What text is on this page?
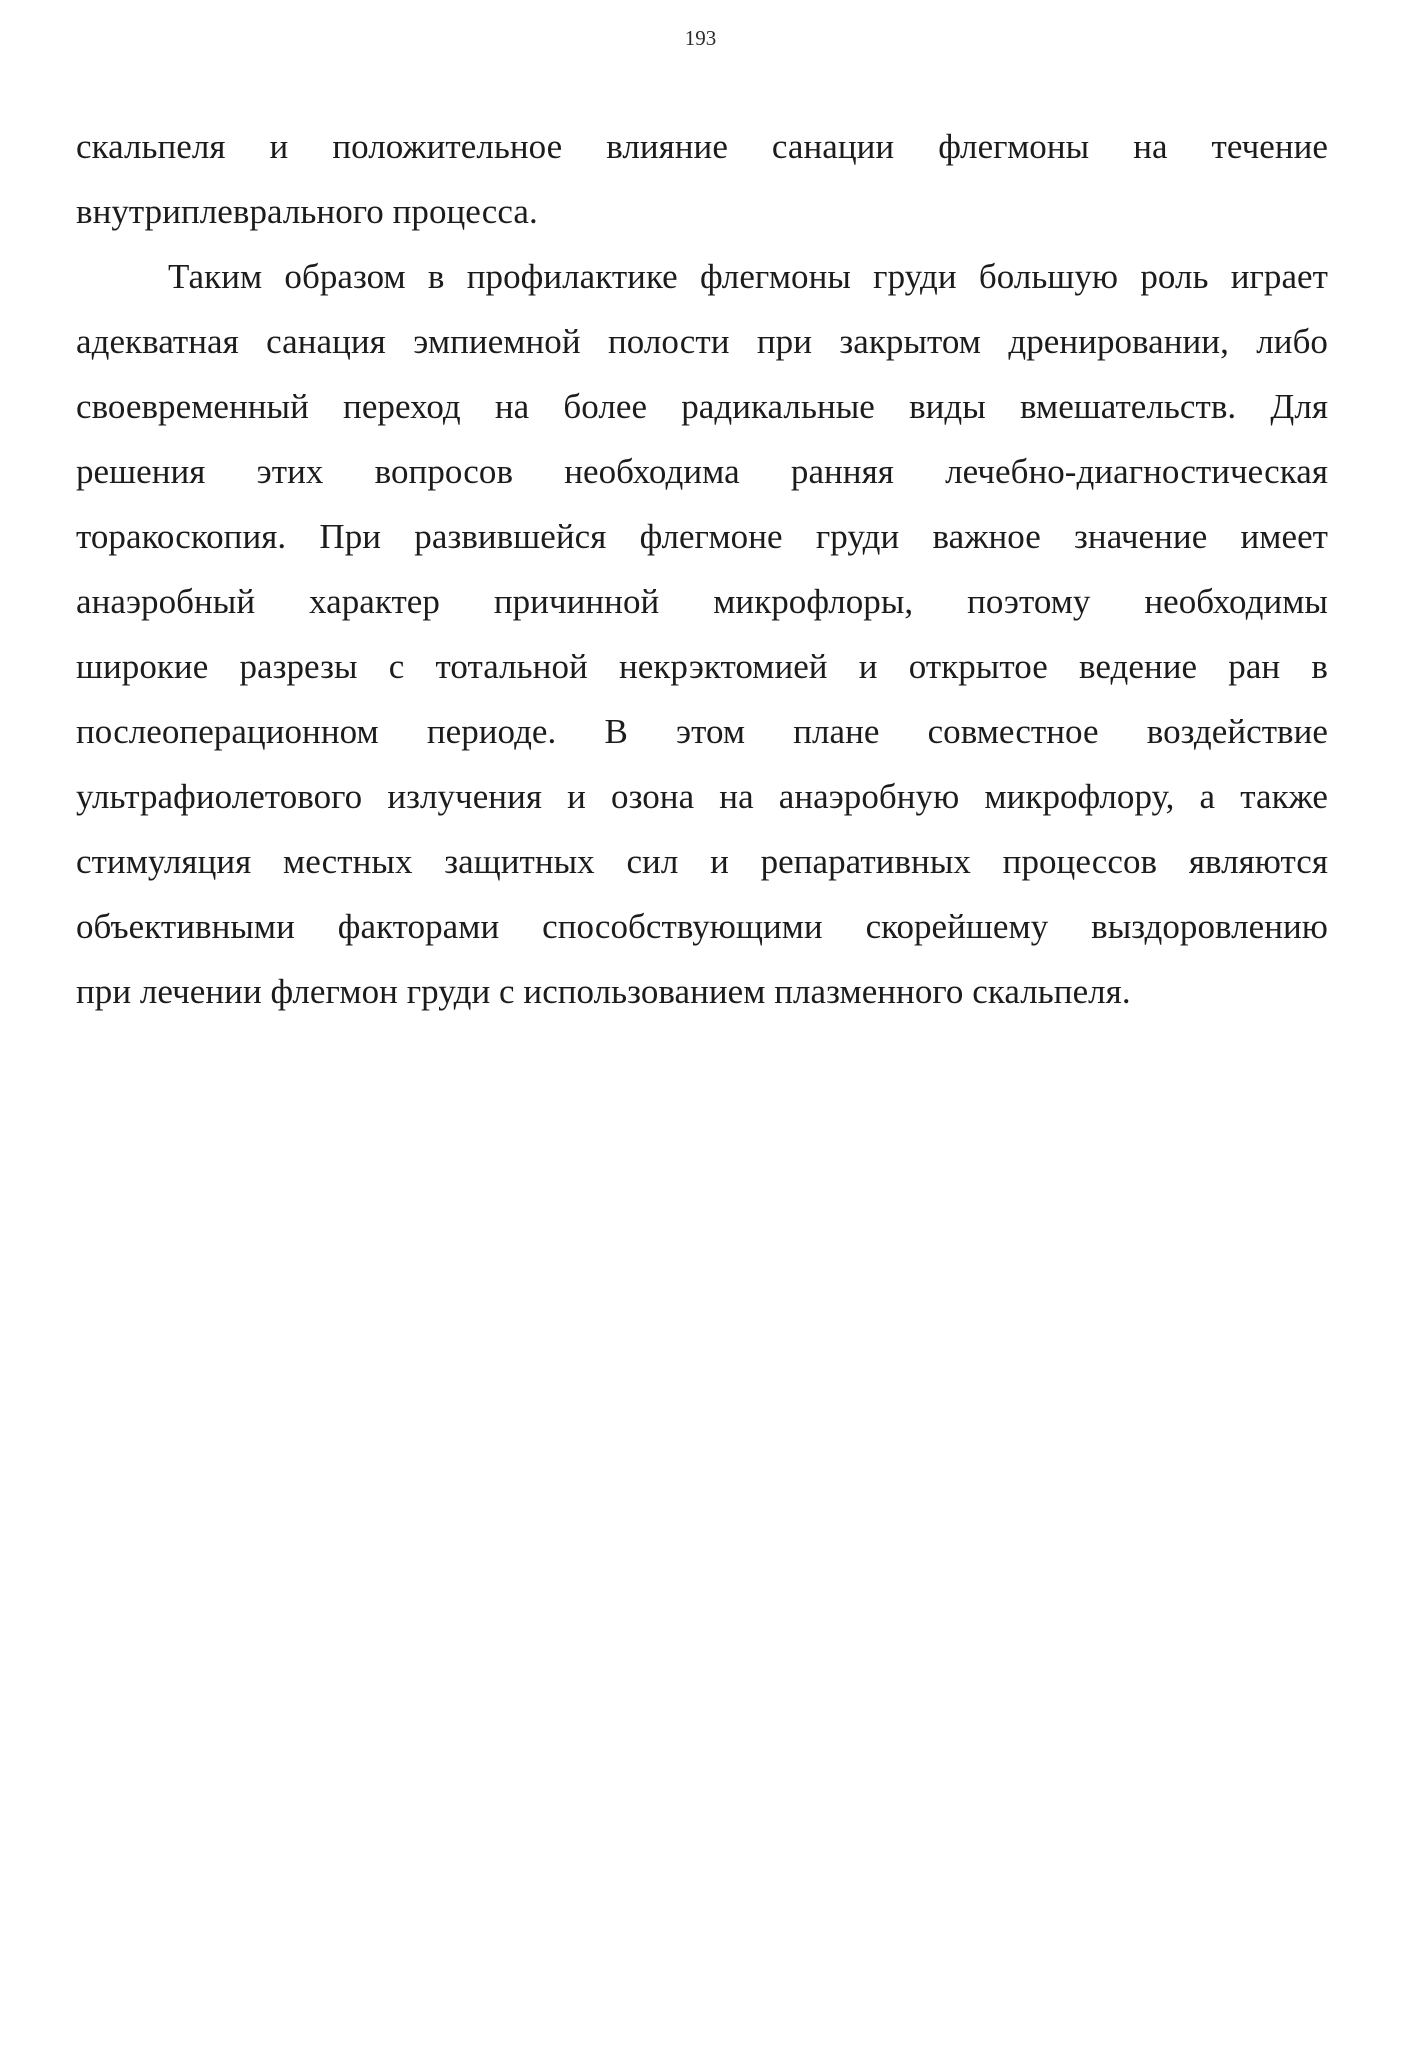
193
скальпеля и положительное влияние санации флегмоны на течение
внутриплеврального процесса.
Таким образом в профилактике флегмоны груди большую роль играет
адекватная санация эмпиемной полости при закрытом дренировании, либо
своевременный переход на более радикальные виды вмешательств. Для
решения этих вопросов необходима ранняя лечебно-диагностическая
торакоскопия. При развившейся флегмоне груди важное значение имеет
анаэробный характер причинной микрофлоры, поэтому необходимы
широкие разрезы с тотальной некрэктомией и открытое ведение ран в
послеоперационном периоде. В этом плане совместное воздействие
ультрафиолетового излучения и озона на анаэробную микрофлору, а также
стимуляция местных защитных сил и репаративных процессов являются
объективными факторами способствующими скорейшему выздоровлению
при лечении флегмон груди с использованием плазменного скальпеля.
